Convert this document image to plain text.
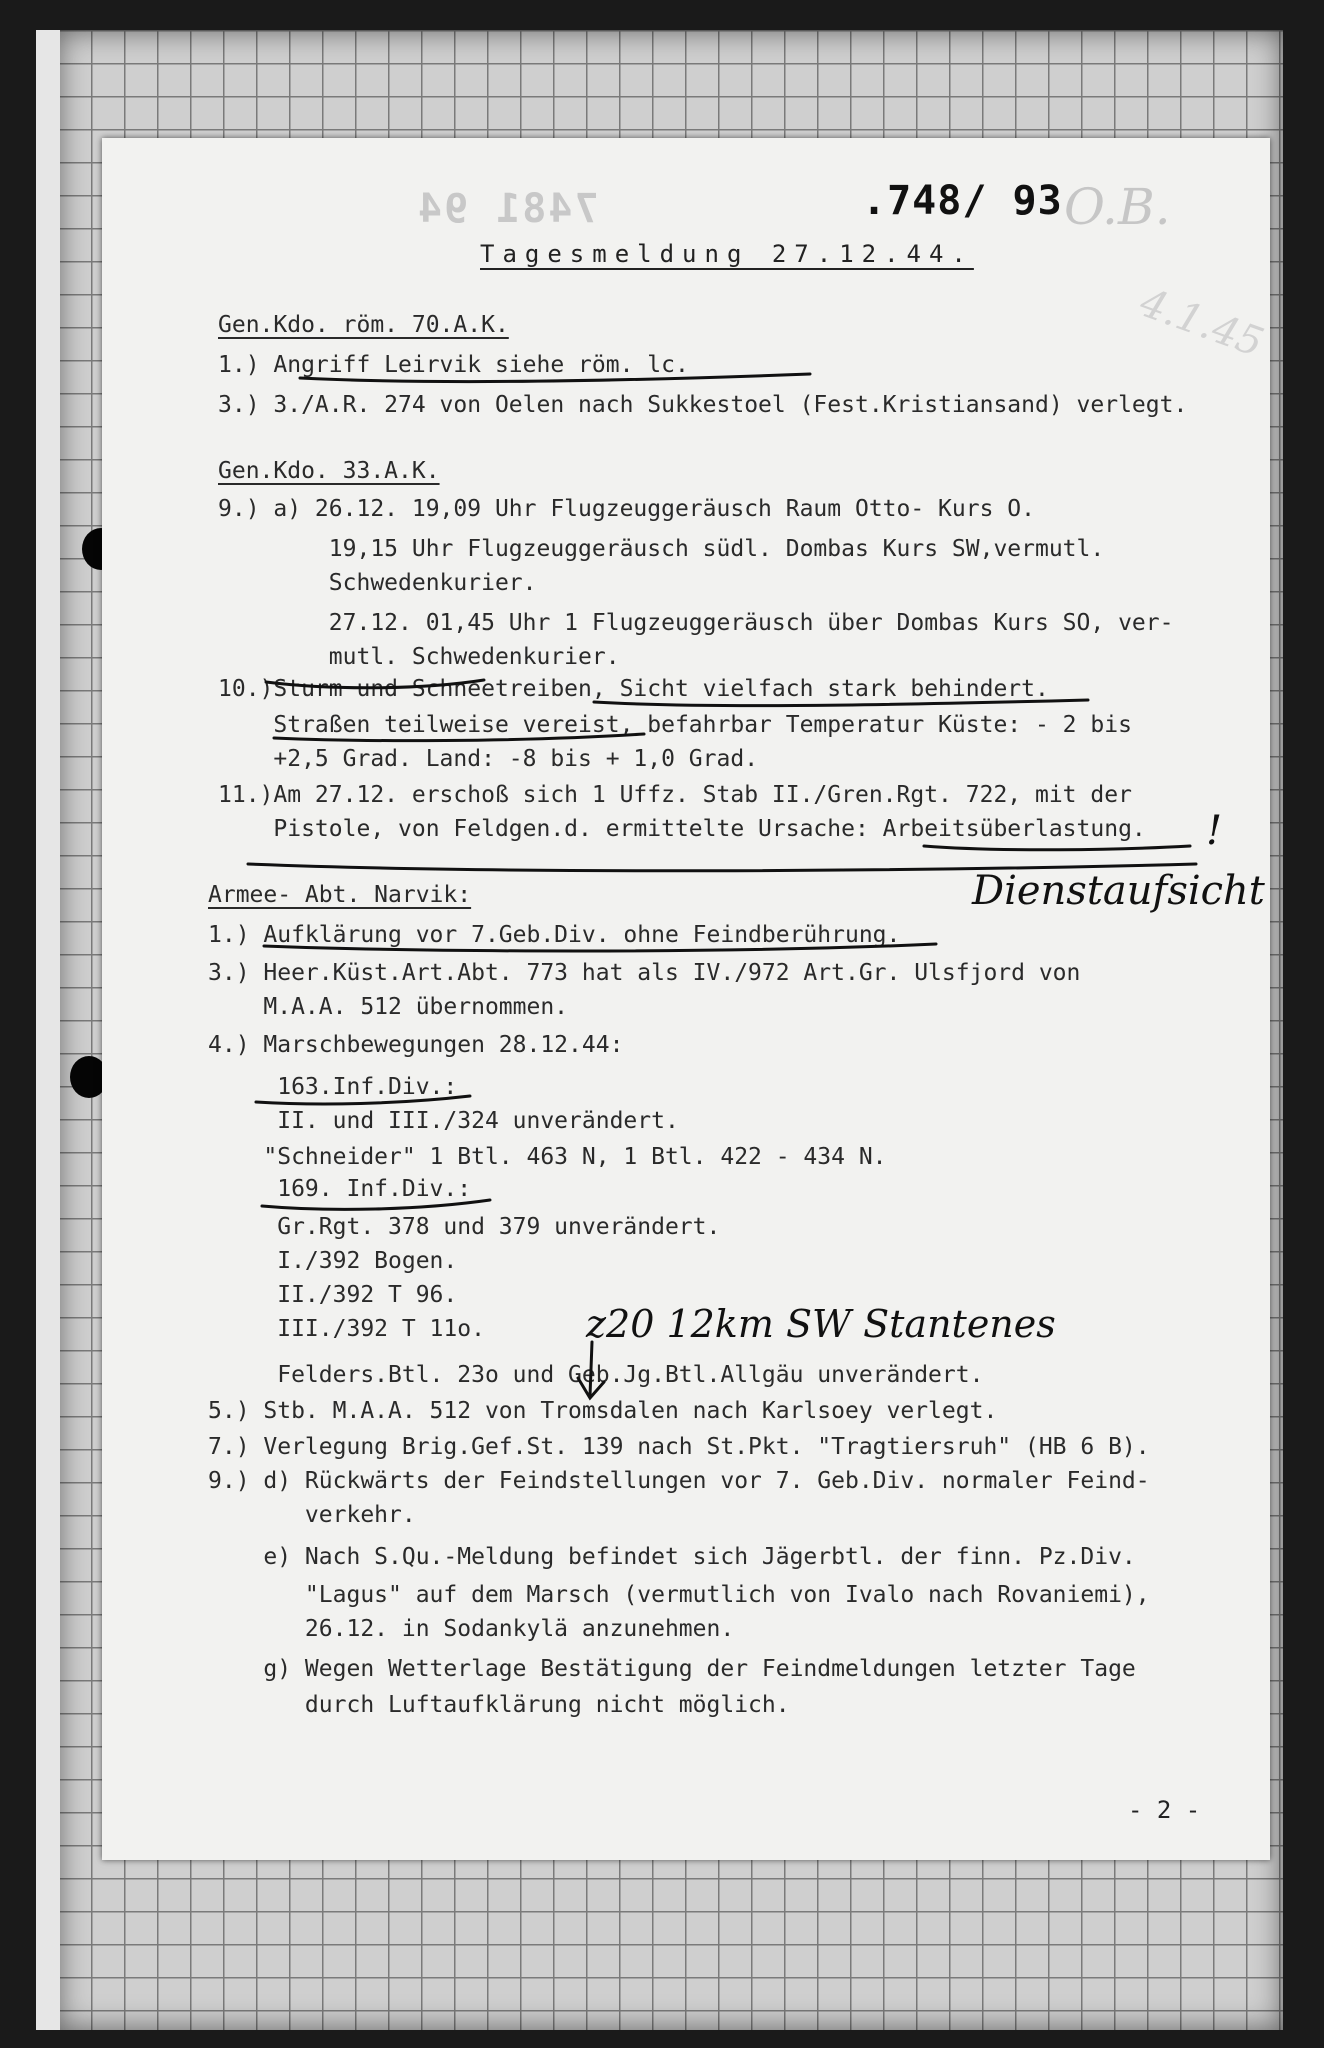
7481 94	.748/ 93 O.B.
4.1.45
Tagesmeldung 27.12.44.
Gen.Kdo. röm. 70.A.K.
1.) Angriff Leirvik siehe röm. lc.
3.) 3./A.R. 274 von Oelen nach Sukkestoel (Fest.Kristiansand) verlegt.
Gen.Kdo. 33.A.K.
9.) a) 26.12. 19,09 Uhr Flugzeuggeräusch Raum Otto- Kurs O.
19,15 Uhr Flugzeuggeräusch südl. Dombas Kurs SW,vermutl.
Schwedenkurier.
27.12. 01,45 Uhr 1 Flugzeuggeräusch über Dombas Kurs SO, ver-
mutl. Schwedenkurier.
10.)Sturm und Schneetreiben, Sicht vielfach stark behindert.
Straßen teilweise vereist, befahrbar Temperatur Küste: - 2 bis
+2,5 Grad. Land: -8 bis + 1,0 Grad.
11.)Am 27.12. erschoß sich 1 Uffz. Stab II./Gren.Rgt. 722, mit der
Pistole, von Feldgen.d. ermittelte Ursache: Arbeitsüberlastung.
Armee- Abt. Narvik:
1.) Aufklärung vor 7.Geb.Div. ohne Feindberührung.
3.) Heer.Küst.Art.Abt. 773 hat als IV./972 Art.Gr. Ulsfjord von
M.A.A. 512 übernommen.
4.) Marschbewegungen 28.12.44:
163.Inf.Div.:
II. und III./324 unverändert.
"Schneider" 1 Btl. 463 N, 1 Btl. 422 - 434 N.
169. Inf.Div.:
Gr.Rgt. 378 und 379 unverändert.
I./392 Bogen.
II./392 T 96.
III./392 T 11o.
Felders.Btl. 23o und Geb.Jg.Btl.Allgäu unverändert.
5.) Stb. M.A.A. 512 von Tromsdalen nach Karlsoey verlegt.
7.) Verlegung Brig.Gef.St. 139 nach St.Pkt. "Tragtiersruh" (HB 6 B).
9.) d) Rückwärts der Feindstellungen vor 7. Geb.Div. normaler Feind-
verkehr.
e) Nach S.Qu.-Meldung befindet sich Jägerbtl. der finn. Pz.Div.
"Lagus" auf dem Marsch (vermutlich von Ivalo nach Rovaniemi),
26.12. in Sodankylä anzunehmen.
g) Wegen Wetterlage Bestätigung der Feindmeldungen letzter Tage
durch Luftaufklärung nicht möglich.
Dienstaufsicht
!
z20 12km SW Stantenes
- 2 -
